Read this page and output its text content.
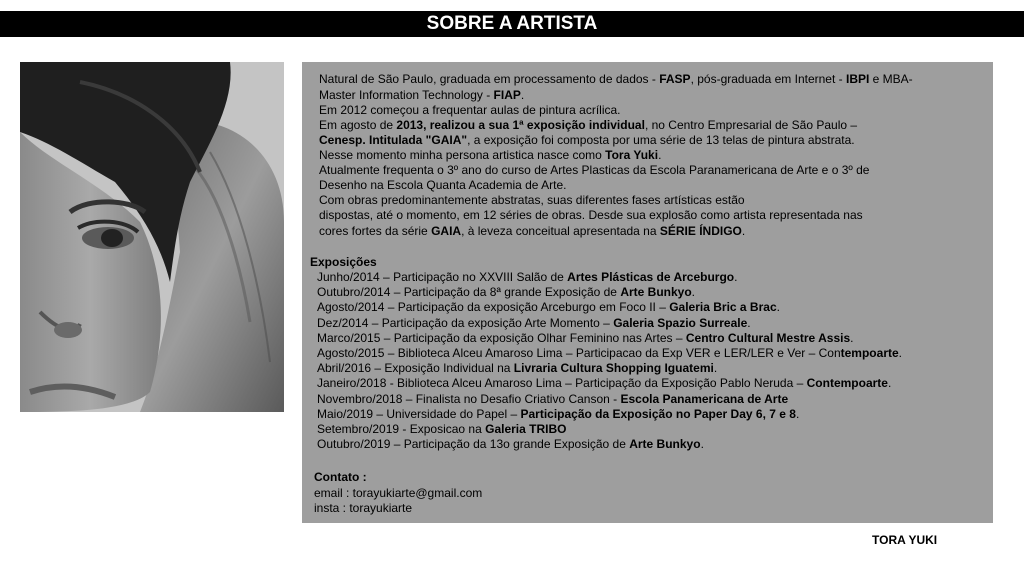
SOBRE A ARTISTA
Natural de São Paulo, graduada em processamento de dados - FASP, pós-graduada em Internet - IBPI e MBA-
Master Information Technology - FIAP.
Em 2012 começou a frequentar aulas de pintura acrílica.
Em agosto de 2013, realizou a sua 1ª exposição individual, no Centro Empresarial de São Paulo –
Cenesp. Intitulada "GAIA", a exposição foi composta por uma série de 13 telas de pintura abstrata.
Nesse momento minha persona artistica nasce como Tora Yuki.
Atualmente frequenta o 3º ano do curso de Artes Plasticas da Escola Paranamericana de Arte e o 3º de
Desenho na Escola Quanta Academia de Arte.
Com obras predominantemente abstratas, suas diferentes fases artísticas estão
dispostas, até o momento, em 12 séries de obras. Desde sua explosão como artista representada nas
cores fortes da série GAIA, à leveza conceitual apresentada na SÉRIE ÍNDIGO.
Exposições
Junho/2014 – Participação no XXVIII Salão de Artes Plásticas de Arceburgo.
Outubro/2014 – Participação da 8ª grande Exposição de Arte Bunkyo.
Agosto/2014 – Participação da exposição Arceburgo em Foco II – Galeria Bric a Brac.
Dez/2014 – Participação da exposição Arte Momento – Galeria Spazio Surreale.
Marco/2015 – Participação da exposição Olhar Feminino nas Artes – Centro Cultural Mestre Assis.
Agosto/2015 – Biblioteca Alceu Amaroso Lima – Participacao da Exp VER e LER/LER e Ver – Contempoarte.
Abril/2016 – Exposição Individual na Livraria Cultura Shopping Iguatemi.
Janeiro/2018 - Biblioteca Alceu Amaroso Lima – Participação da Exposição Pablo Neruda – Contempoarte.
Novembro/2018 – Finalista no Desafio Criativo Canson - Escola Panamericana de Arte
Maio/2019 – Universidade do Papel – Participação da Exposição no Paper Day 6, 7 e 8.
Setembro/2019 - Exposicao na Galeria TRIBO
Outubro/2019 – Participação da 13o grande Exposição de Arte Bunkyo.
Contato :
email : torayukiarte@gmail.com
insta : torayukiarte
TORA YUKI
